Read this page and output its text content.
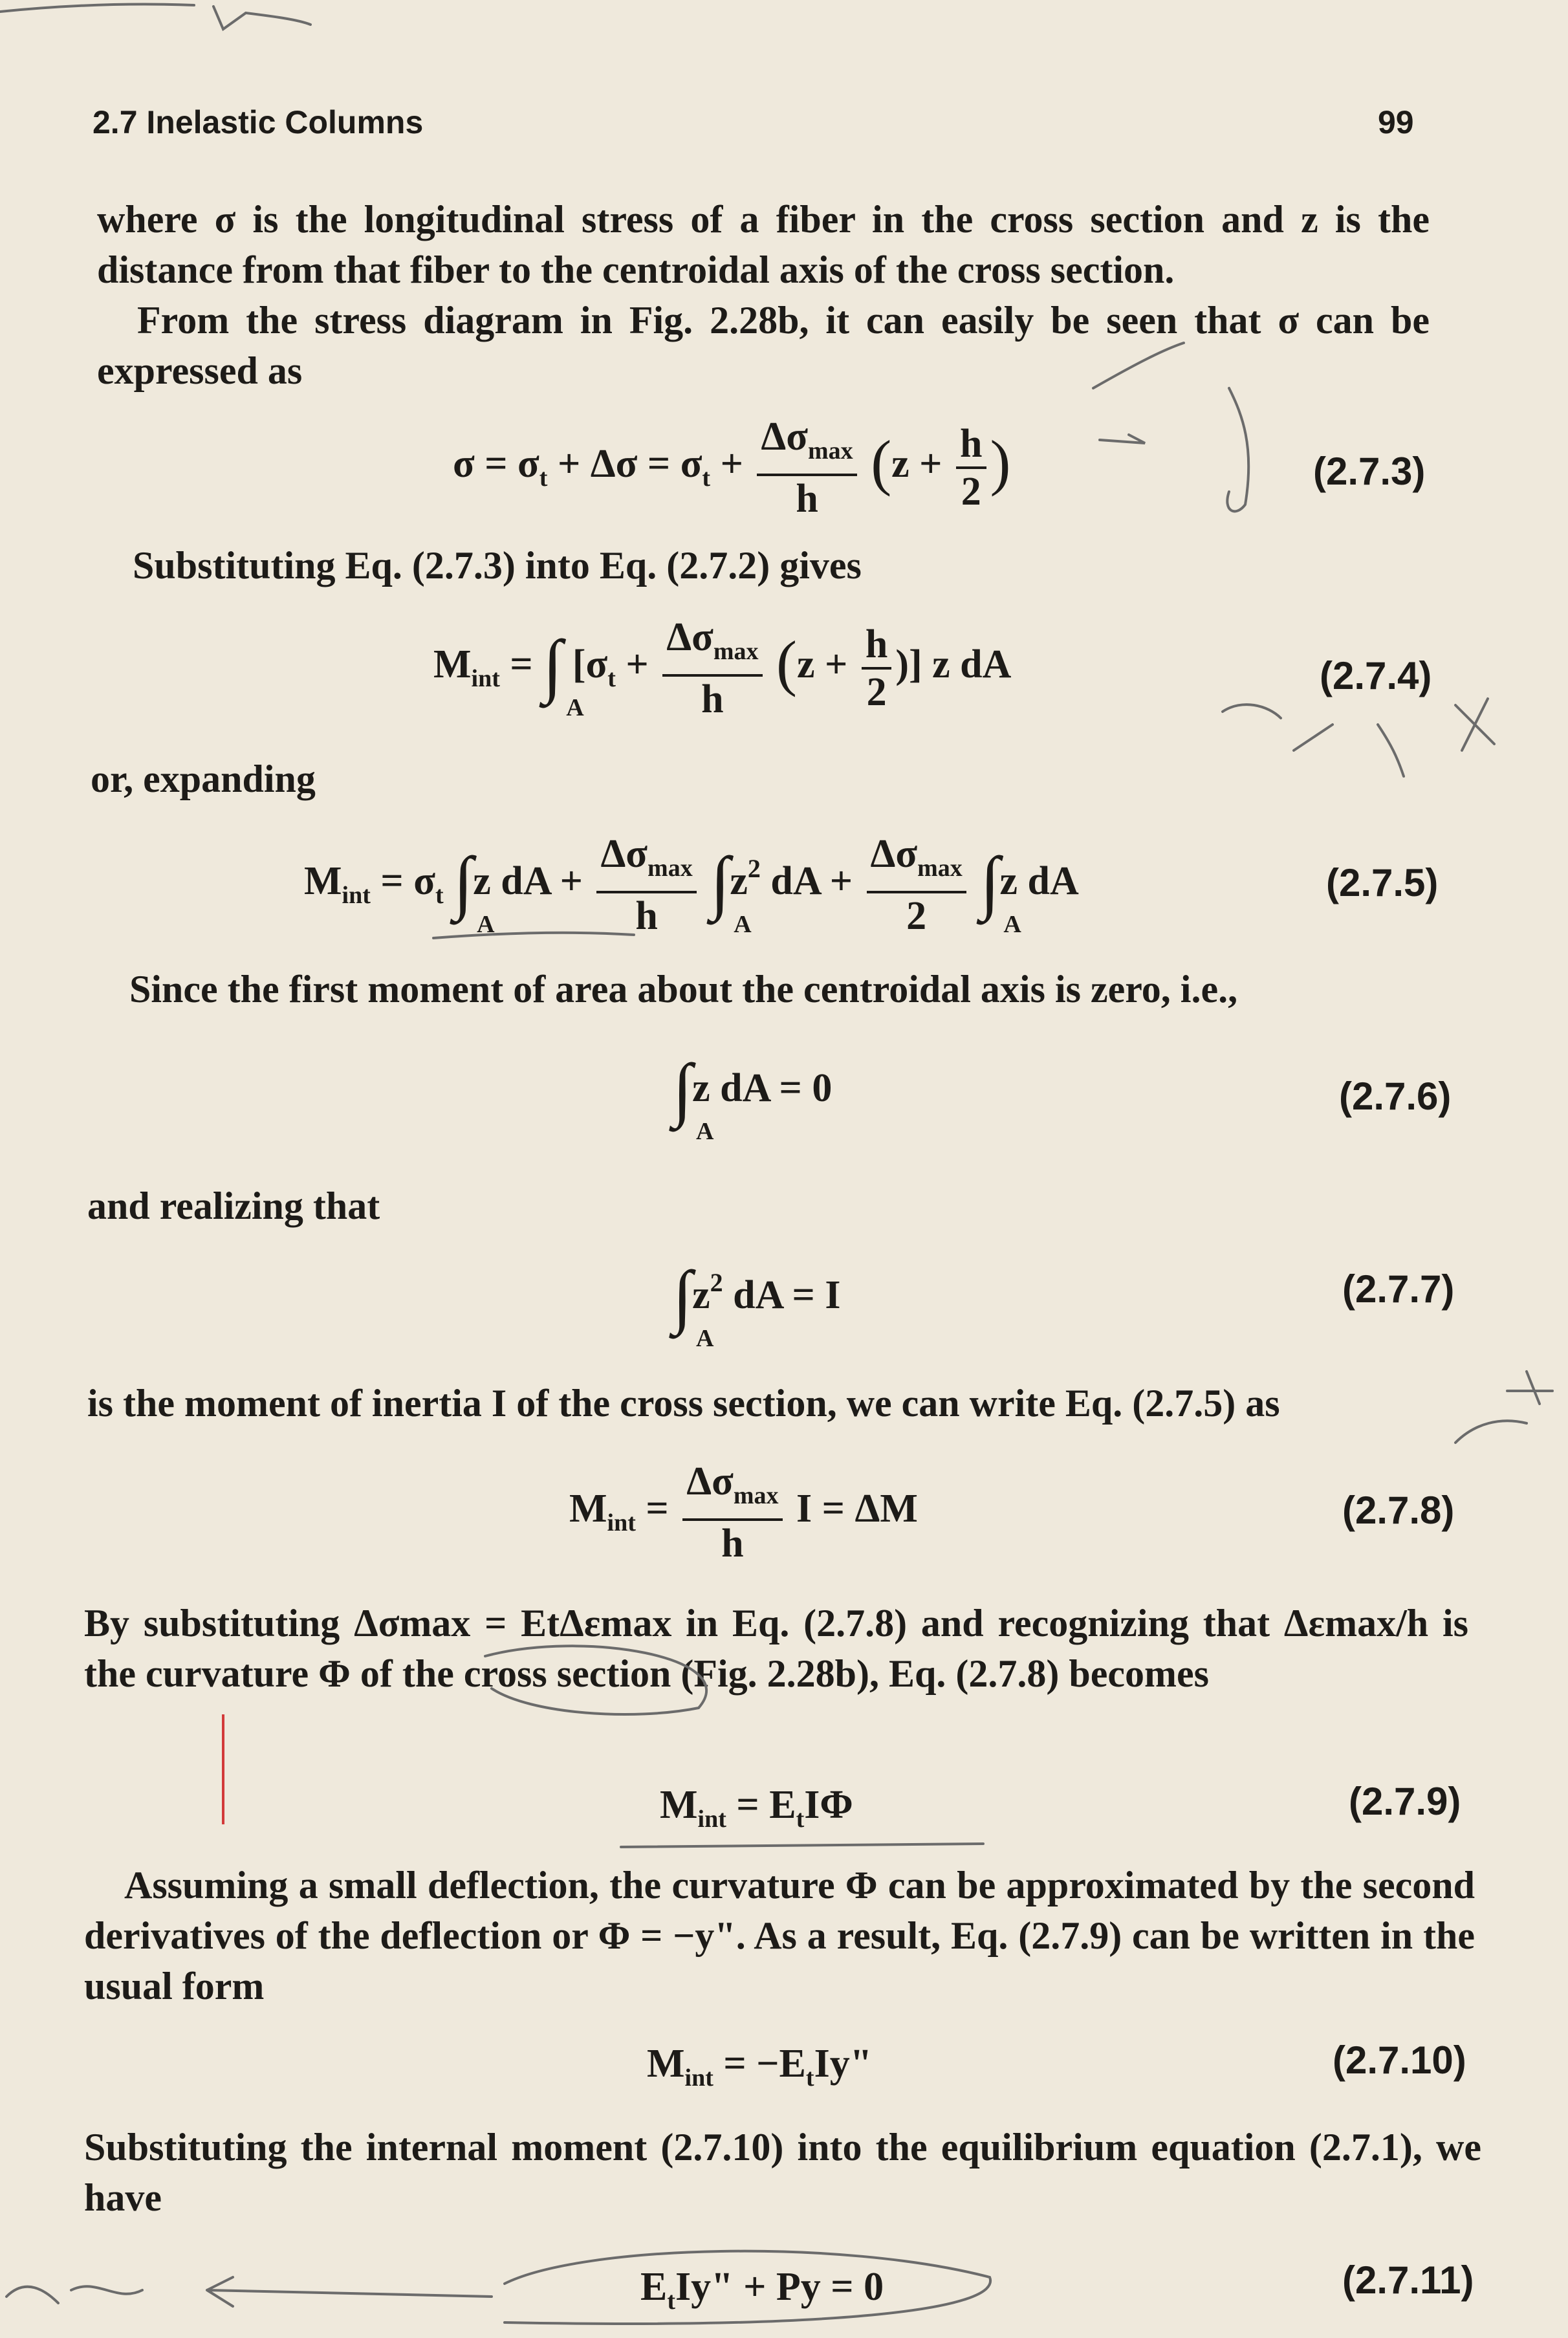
2.7 Inelastic Columns	99
where σ is the longitudinal stress of a fiber in the cross section and z is the distance from that fiber to the centroidal axis of the cross section.
From the stress diagram in Fig. 2.28b, it can easily be seen that σ can be expressed as
$\sigma = \sigma_t + \Delta\sigma = \sigma_t + \frac{\Delta\sigma_{max}}{h} (z + \frac{h}{2}$ )	(2.7.3)
Substituting Eq. (2.7.3) into Eq. (2.7.2) gives
$M_{int}$ = ∫
A
[$\sigma_t + \frac{\Delta\sigma_{max}}{h} (z + \frac{h}{2}$ )] z dA	(2.7.4)
or, expanding
$M_{int} = \sigma_t$ ∫
A
z dA + $\frac{\Delta\sigma_{max}}{h}$ ∫
A
$z^2$ dA + $\frac{\Delta\sigma_{max}}{2}$ ∫
A
z dA	(2.7.5)
Since the first moment of area about the centroidal axis is zero, i.e.,
∫
A
z dA = 0	(2.7.6)
and realizing that
∫
A
$z^2$ dA = I	(2.7.7)
is the moment of inertia I of the cross section, we can write Eq. (2.7.5) as
$M_{int} = \frac{\Delta\sigma_{max}}{h}$ I = ΔM	(2.7.8)
By substituting Δσmax = EtΔεmax in Eq. (2.7.8) and recognizing that Δεmax/h is the curvature Φ of the cross section (Fig. 2.28b), Eq. (2.7.8) becomes
$M_{int} = E_tI\Phi$	(2.7.9)
Assuming a small deflection, the curvature Φ can be approximated by the second derivatives of the deflection or Φ = −y". As a result, Eq. (2.7.9) can be written in the usual form
$M_{int} = -E_tIy$"	(2.7.10)
Substituting the internal moment (2.7.10) into the equilibrium equation (2.7.1), we have
$E_tIy$" + Py = 0	(2.7.11)
